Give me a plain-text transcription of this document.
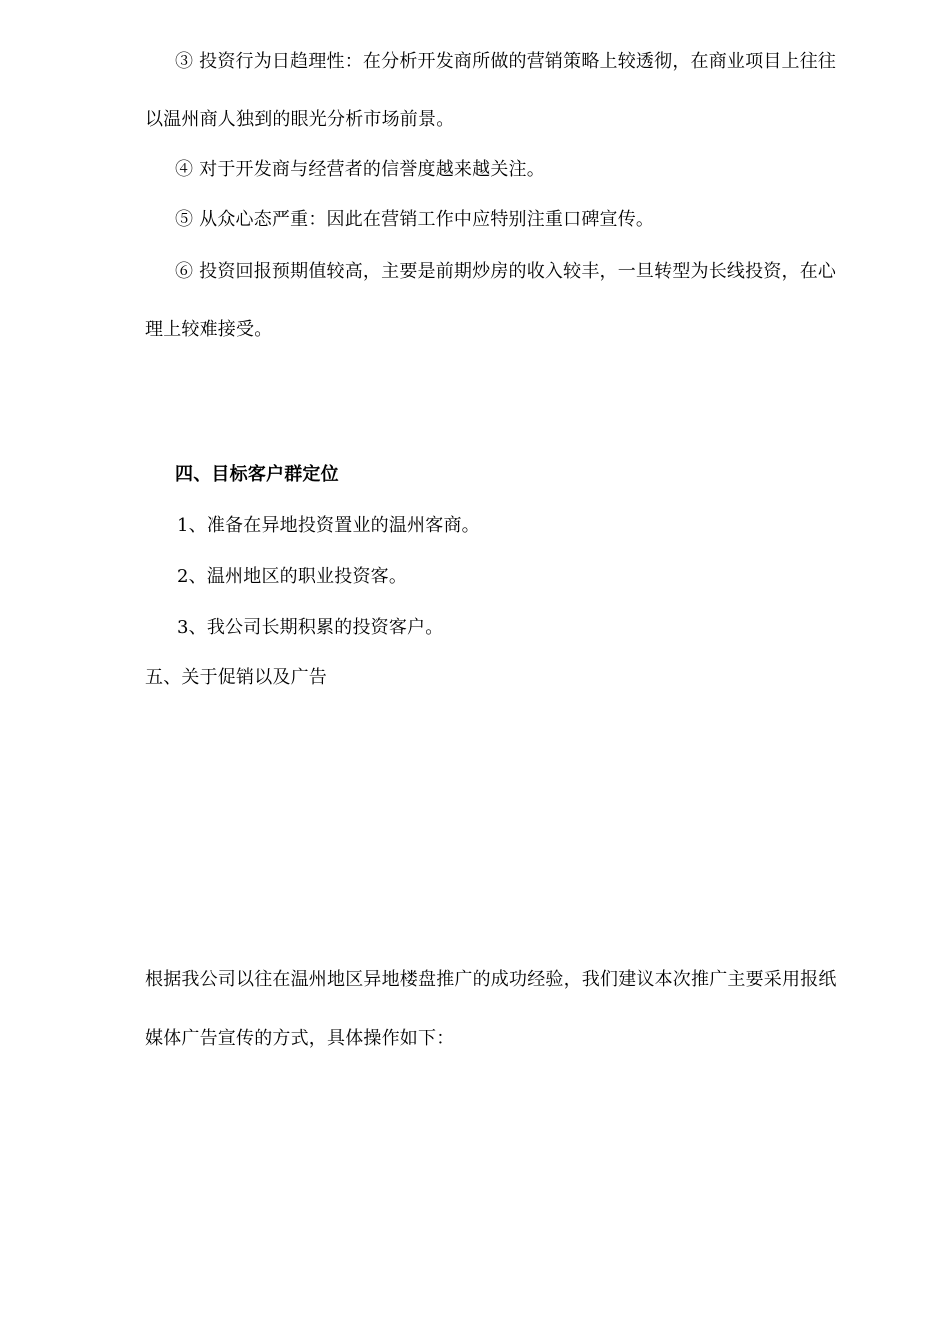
③ 投资行为日趋理性：在分析开发商所做的营销策略上较透彻，在商业项目上往往
以温州商人独到的眼光分析市场前景。
④ 对于开发商与经营者的信誉度越来越关注。
⑤ 从众心态严重：因此在营销工作中应特别注重口碑宣传。
⑥ 投资回报预期值较高，主要是前期炒房的收入较丰，一旦转型为长线投资，在心
理上较难接受。
四、目标客户群定位
1、准备在异地投资置业的温州客商。
2、温州地区的职业投资客。
3、我公司长期积累的投资客户。
五、关于促销以及广告
根据我公司以往在温州地区异地楼盘推广的成功经验，我们建议本次推广主要采用报纸
媒体广告宣传的方式，具体操作如下：
